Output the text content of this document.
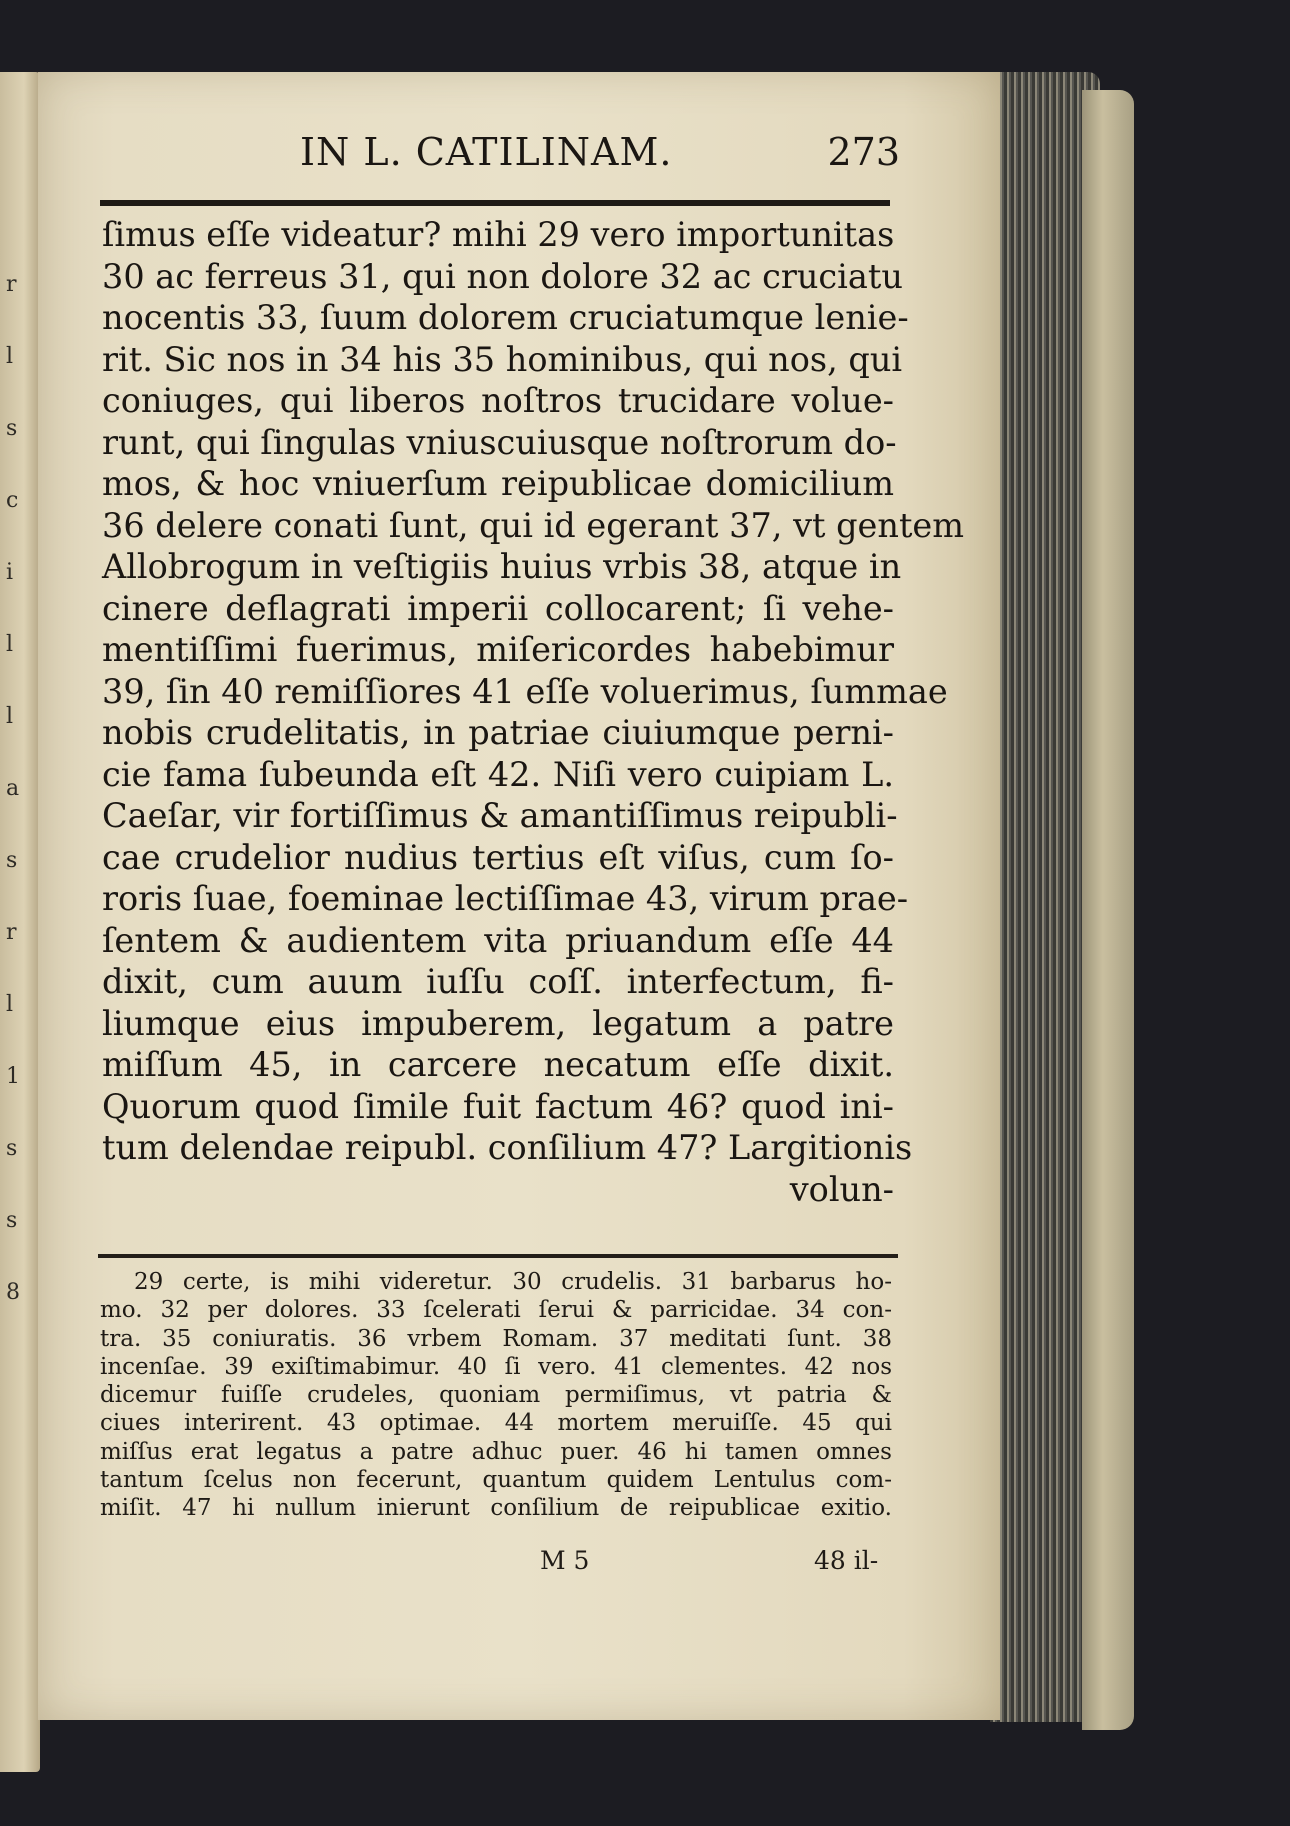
r
l
s
c
i
l
l
a
s
r
l
1
s
s
8
IN L. CATILINAM.	273
ſimus eſſe videatur? mihi 29 vero importunitas
30 ac ferreus 31, qui non dolore 32 ac cruciatu
nocentis 33, ſuum dolorem cruciatumque lenie-
rit. Sic nos in 34 his 35 hominibus, qui nos, qui
coniuges, qui liberos noſtros trucidare volue-
runt, qui ſingulas vniuscuiusque noſtrorum do-
mos, & hoc vniuerſum reipublicae domicilium
36 delere conati ſunt, qui id egerant 37, vt gentem
Allobrogum in veſtigiis huius vrbis 38, atque in
cinere deflagrati imperii collocarent; ſi vehe-
mentiſſimi fuerimus, miſericordes habebimur
39, ſin 40 remiſſiores 41 eſſe voluerimus, ſummae
nobis crudelitatis, in patriae ciuiumque perni-
cie fama ſubeunda eſt 42. Niſi vero cuipiam L.
Caeſar, vir fortiſſimus & amantiſſimus reipubli-
cae crudelior nudius tertius eſt viſus, cum ſo-
roris ſuae, foeminae lectiſſimae 43, virum prae-
ſentem & audientem vita priuandum eſſe 44
dixit, cum auum iuſſu coſſ. interfectum, fi-
liumque eius impuberem, legatum a patre
miſſum 45, in carcere necatum eſſe dixit.
Quorum quod ſimile fuit factum 46? quod ini-
tum delendae reipubl. conſilium 47? Largitionis
volun-
29 certe, is mihi videretur. 30 crudelis. 31 barbarus ho-
mo. 32 per dolores. 33 ſcelerati ſerui & parricidae. 34 con-
tra. 35 coniuratis. 36 vrbem Romam. 37 meditati ſunt. 38
incenſae. 39 exiſtimabimur. 40 ſi vero. 41 clementes. 42 nos
dicemur fuiſſe crudeles, quoniam permiſimus, vt patria &
ciues interirent. 43 optimae. 44 mortem meruiſſe. 45 qui
miſſus erat legatus a patre adhuc puer. 46 hi tamen omnes
tantum ſcelus non fecerunt, quantum quidem Lentulus com-
miſit. 47 hi nullum inierunt conſilium de reipublicae exitio.
M 5	48 il-
